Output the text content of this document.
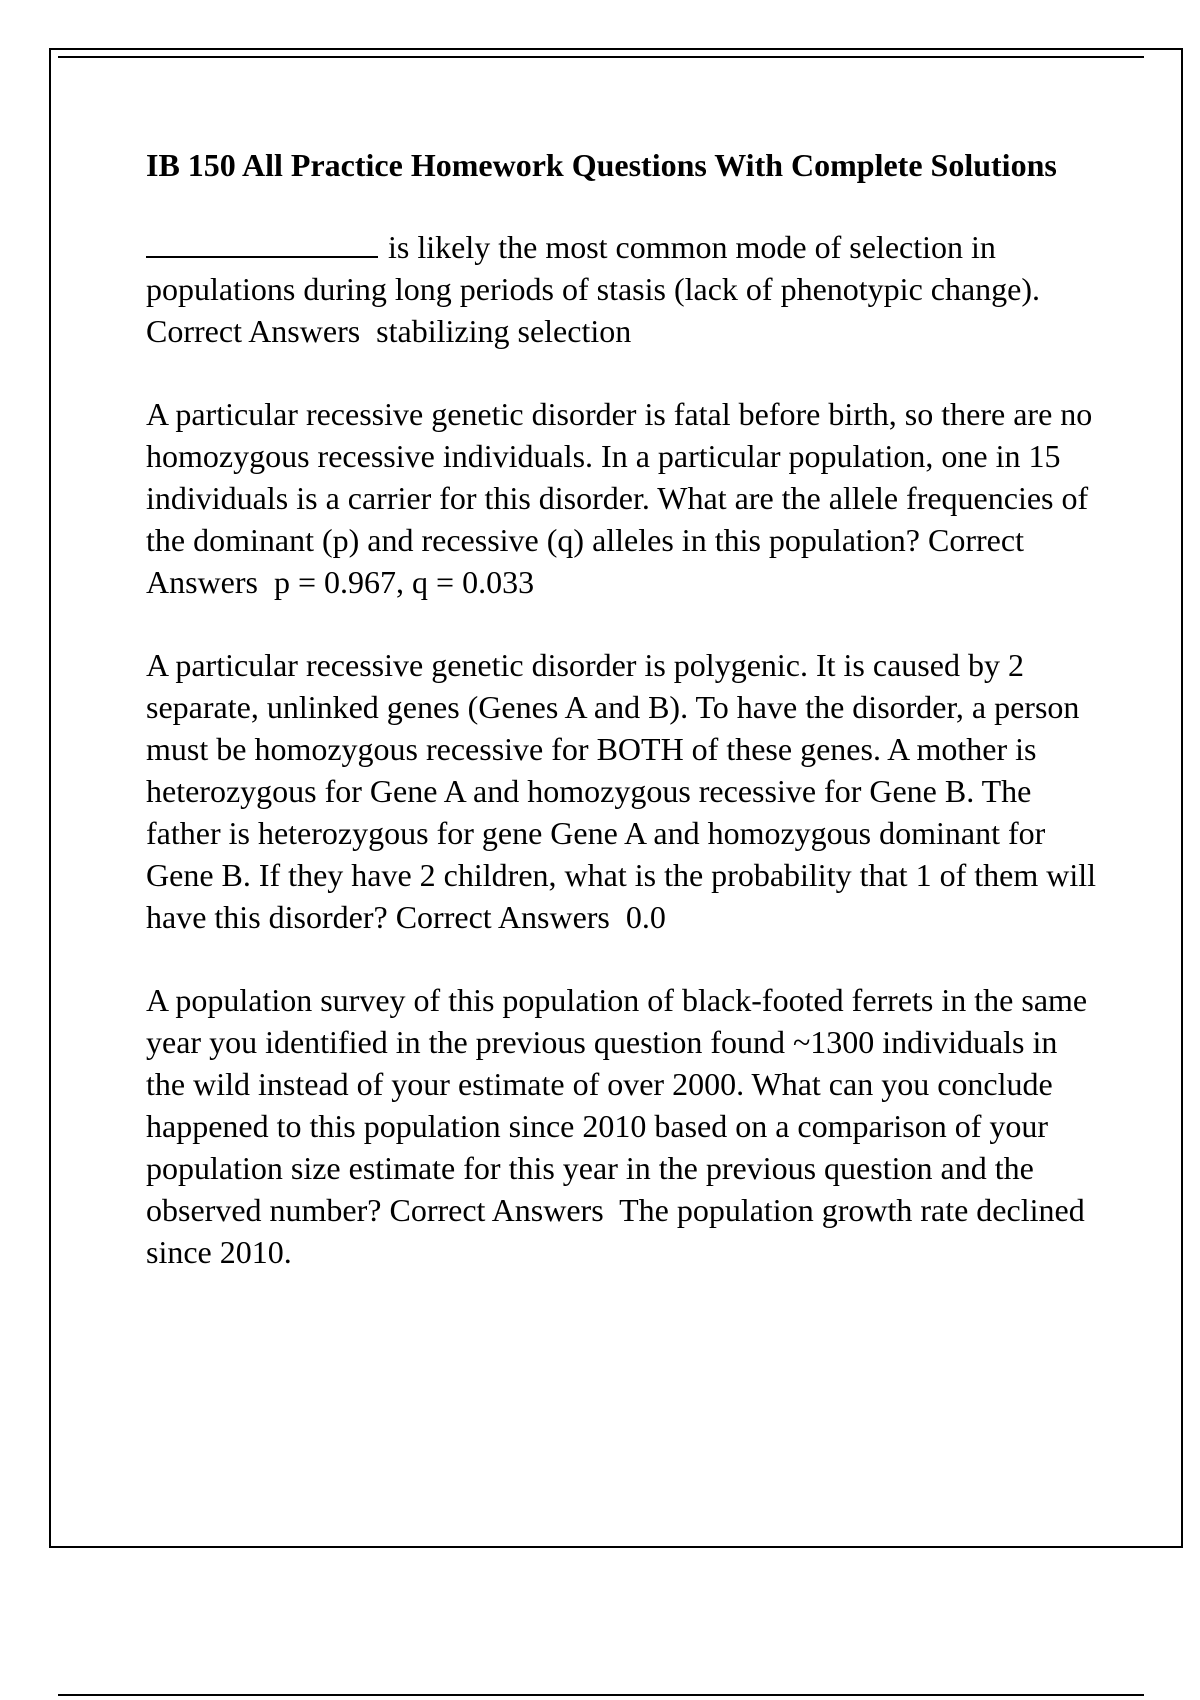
IB 150 All Practice Homework Questions With Complete Solutions
is likely the most common mode of selection in populations during long periods of stasis (lack of phenotypic change). Correct Answers stabilizing selection
A particular recessive genetic disorder is fatal before birth, so there are no homozygous recessive individuals. In a particular population, one in 15 individuals is a carrier for this disorder. What are the allele frequencies of the dominant (p) and recessive (q) alleles in this population? Correct Answers p = 0.967, q = 0.033
A particular recessive genetic disorder is polygenic. It is caused by 2 separate, unlinked genes (Genes A and B). To have the disorder, a person must be homozygous recessive for BOTH of these genes. A mother is heterozygous for Gene A and homozygous recessive for Gene B. The father is heterozygous for gene Gene A and homozygous dominant for Gene B. If they have 2 children, what is the probability that 1 of them will have this disorder? Correct Answers 0.0
A population survey of this population of black-footed ferrets in the same year you identified in the previous question found ~1300 individuals in the wild instead of your estimate of over 2000. What can you conclude happened to this population since 2010 based on a comparison of your population size estimate for this year in the previous question and the observed number? Correct Answers The population growth rate declined since 2010.
